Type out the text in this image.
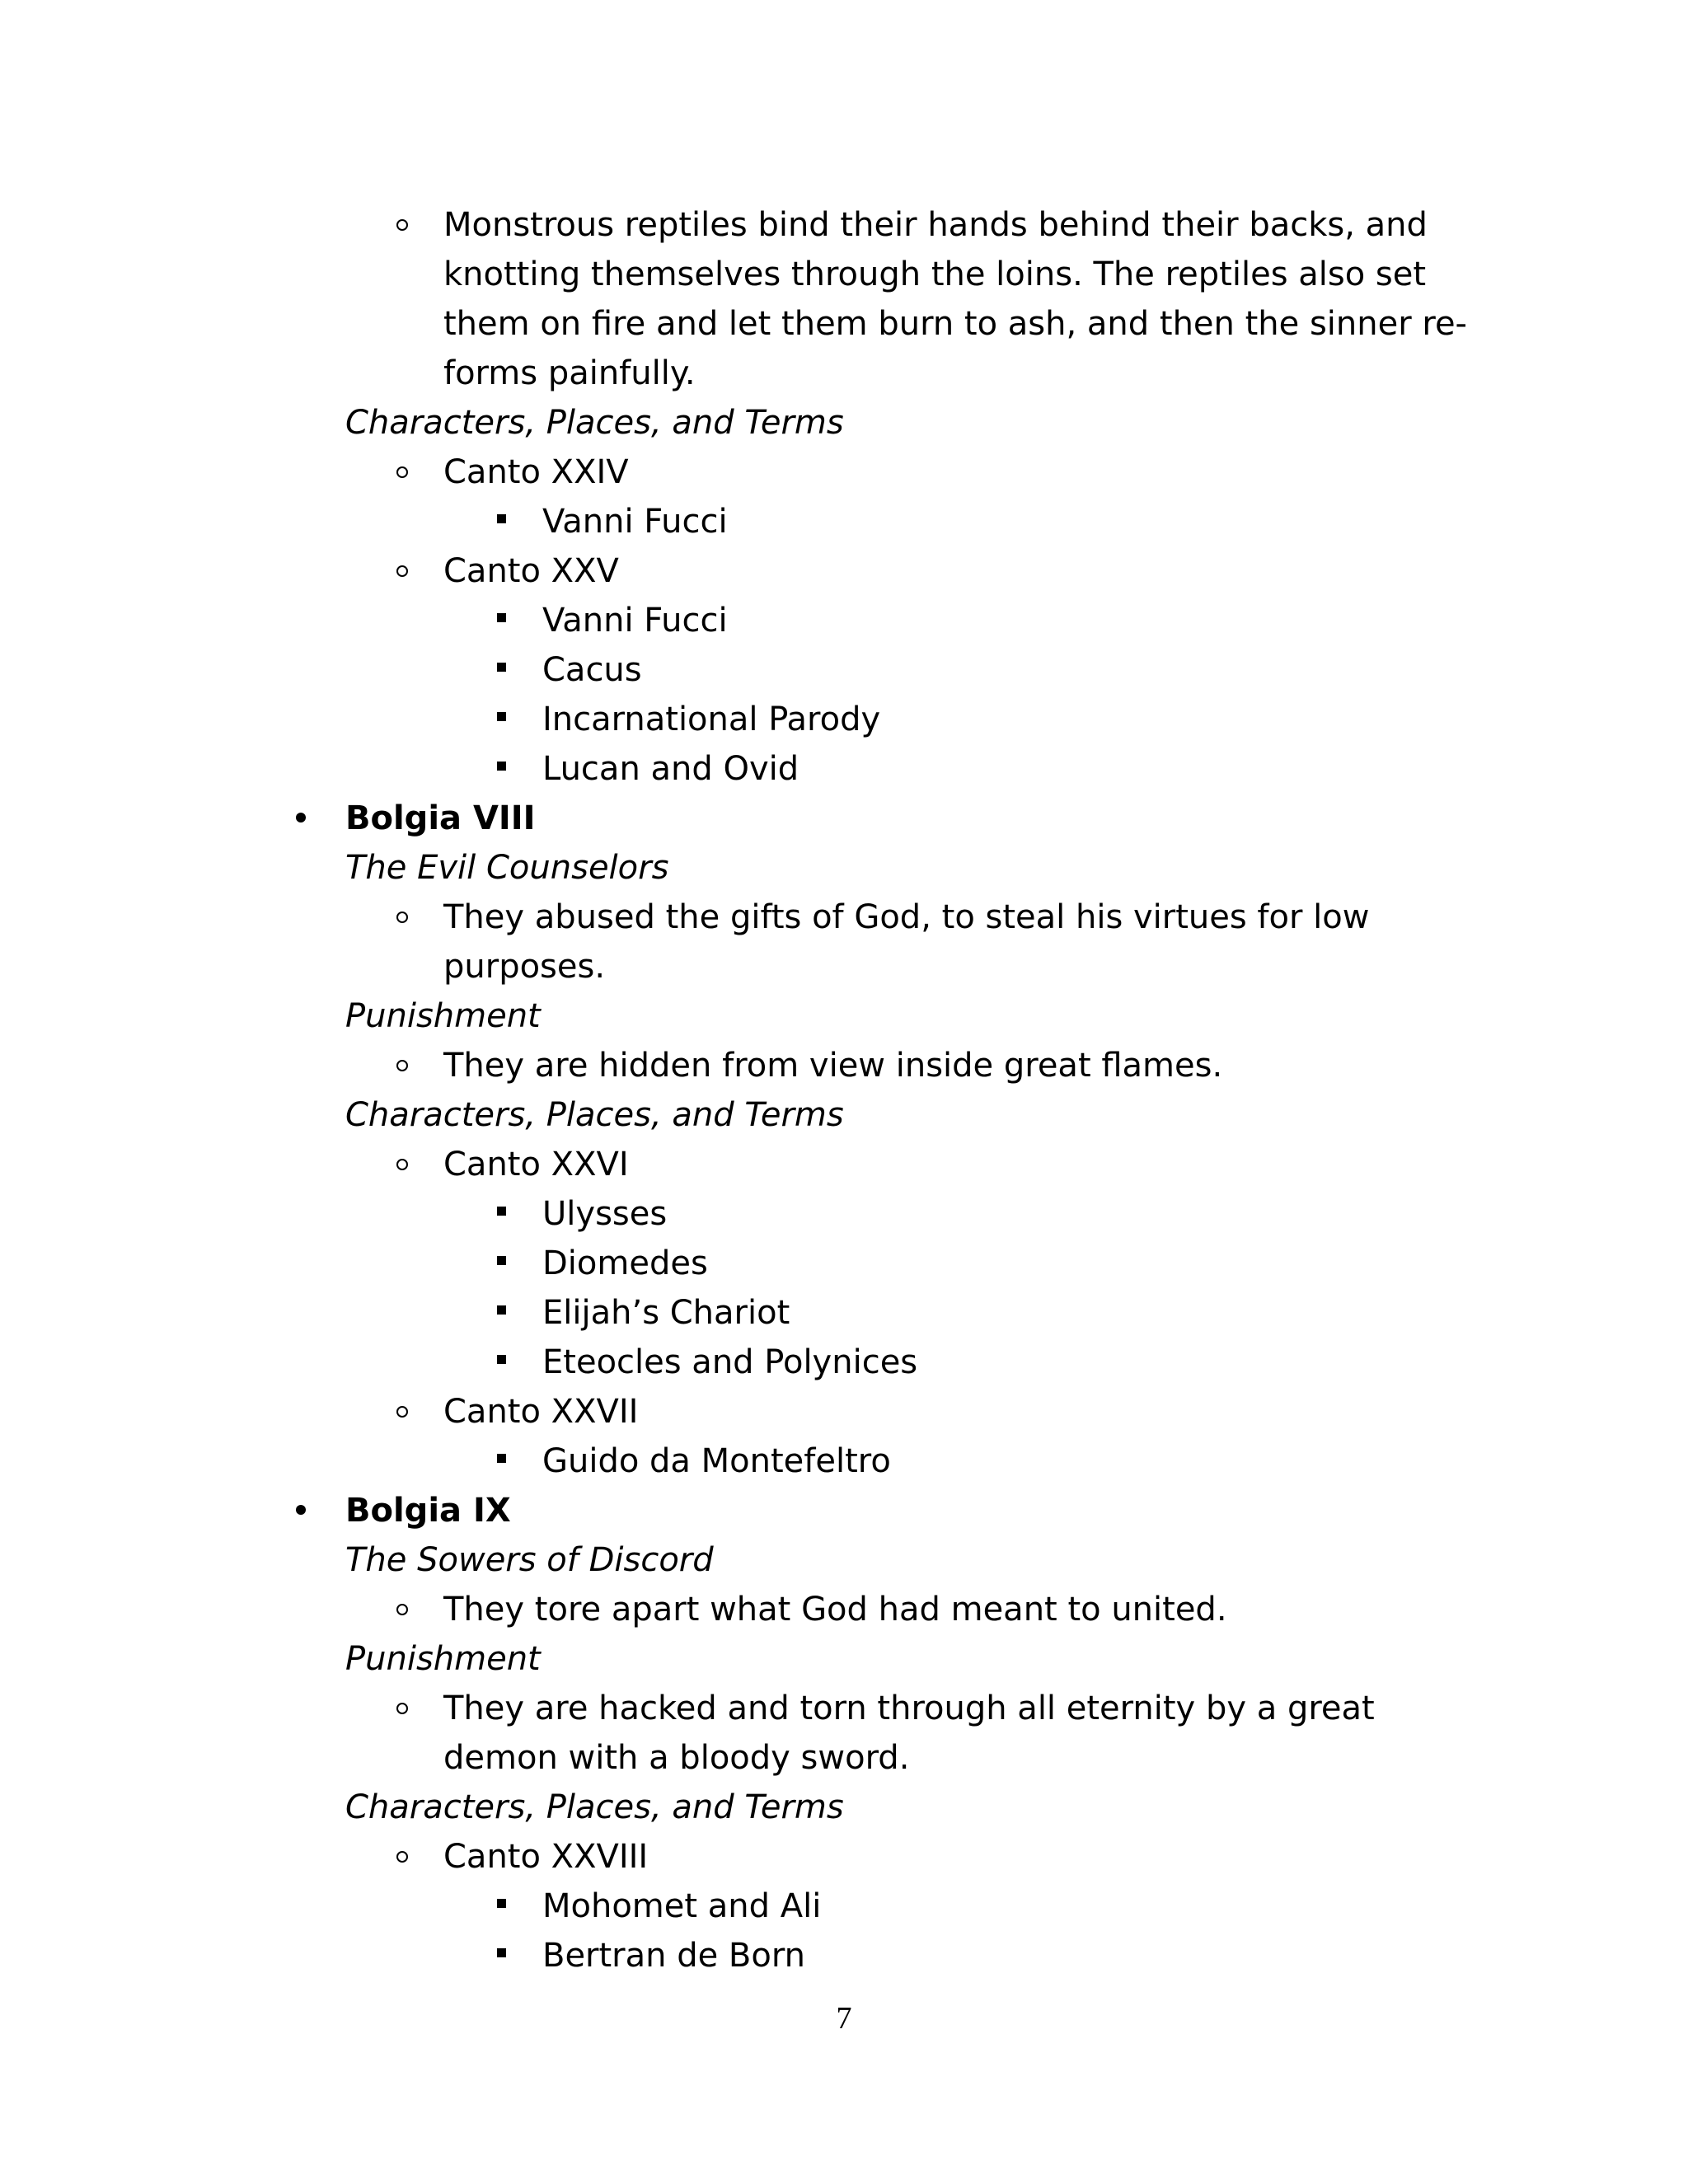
Monstrous reptiles bind their hands behind their backs, and
knotting themselves through the loins. The reptiles also set
them on fire and let them burn to ash, and then the sinner re-
forms painfully.
Characters, Places, and Terms
Canto XXIV
Vanni Fucci
Canto XXV
Vanni Fucci
Cacus
Incarnational Parody
Lucan and Ovid
Bolgia VIII
The Evil Counselors
They abused the gifts of God, to steal his virtues for low
purposes.
Punishment
They are hidden from view inside great flames.
Characters, Places, and Terms
Canto XXVI
Ulysses
Diomedes
Elijah’s Chariot
Eteocles and Polynices
Canto XXVII
Guido da Montefeltro
Bolgia IX
The Sowers of Discord
They tore apart what God had meant to united.
Punishment
They are hacked and torn through all eternity by a great
demon with a bloody sword.
Characters, Places, and Terms
Canto XXVIII
Mohomet and Ali
Bertran de Born
7
